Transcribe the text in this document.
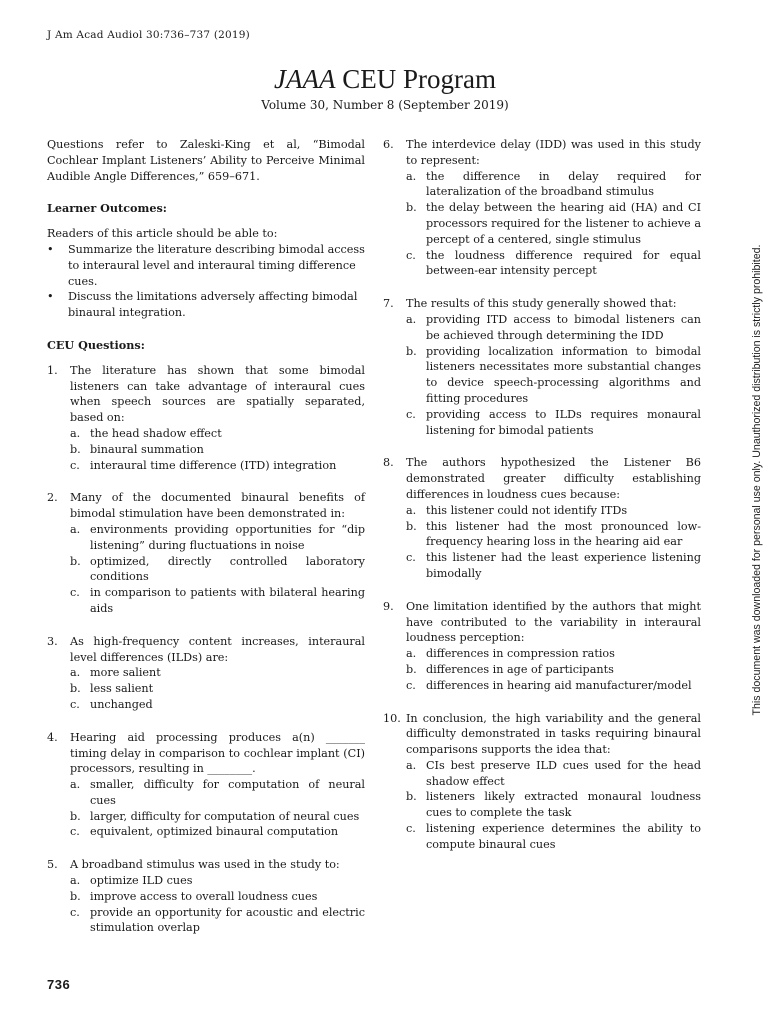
J Am Acad Audiol 30:736–737 (2019)
JAAA CEU Program
Volume 30, Number 8 (September 2019)

Questions refer to Zaleski-King et al, “Bimodal Cochlear Implant Listeners’ Ability to Perceive Minimal Audible Angle Differences,” 659–671.

Learner Outcomes:

Readers of this article should be able to:

• Summarize the literature describing bimodal access to interaural level and interaural timing difference cues.
• Discuss the limitations adversely affecting bimodal binaural integration.

CEU Questions:

1. The literature has shown that some bimodal listeners can take advantage of interaural cues when speech sources are spatially separated, based on:
a. the head shadow effect
b. binaural summation
c. interaural time difference (ITD) integration
2. Many of the documented binaural benefits of bimodal stimulation have been demonstrated in:
a. environments providing opportunities for “dip listening” during fluctuations in noise
b. optimized, directly controlled laboratory conditions
c. in comparison to patients with bilateral hearing aids
3. As high-frequency content increases, interaural level differences (ILDs) are:
a. more salient
b. less salient
c. unchanged
4. Hearing aid processing produces a(n) _______ timing delay in comparison to cochlear implant (CI) processors, resulting in ________.
a. smaller, difficulty for computation of neural cues
b. larger, difficulty for computation of neural cues
c. equivalent, optimized binaural computation
5. A broadband stimulus was used in the study to:
a. optimize ILD cues
b. improve access to overall loudness cues
c. provide an opportunity for acoustic and electric stimulation overlap
6. The interdevice delay (IDD) was used in this study to represent:
a. the difference in delay required for lateralization of the broadband stimulus
b. the delay between the hearing aid (HA) and CI processors required for the listener to achieve a percept of a centered, single stimulus
c. the loudness difference required for equal between-ear intensity percept
7. The results of this study generally showed that:
a. providing ITD access to bimodal listeners can be achieved through determining the IDD
b. providing localization information to bimodal listeners necessitates more substantial changes to device speech-processing algorithms and fitting procedures
c. providing access to ILDs requires monaural listening for bimodal patients
8. The authors hypothesized the Listener B6 demonstrated greater difficulty establishing differences in loudness cues because:
a. this listener could not identify ITDs
b. this listener had the most pronounced low-frequency hearing loss in the hearing aid ear
c. this listener had the least experience listening bimodally
9. One limitation identified by the authors that might have contributed to the variability in interaural loudness perception:
a. differences in compression ratios
b. differences in age of participants
c. differences in hearing aid manufacturer/model
10. In conclusion, the high variability and the general difficulty demonstrated in tasks requiring binaural comparisons supports the idea that:
a. CIs best preserve ILD cues used for the head shadow effect
b. listeners likely extracted monaural loudness cues to complete the task
c. listening experience determines the ability to compute binaural cues
This document was downloaded for personal use only. Unauthorized distribution is strictly prohibited.
736
